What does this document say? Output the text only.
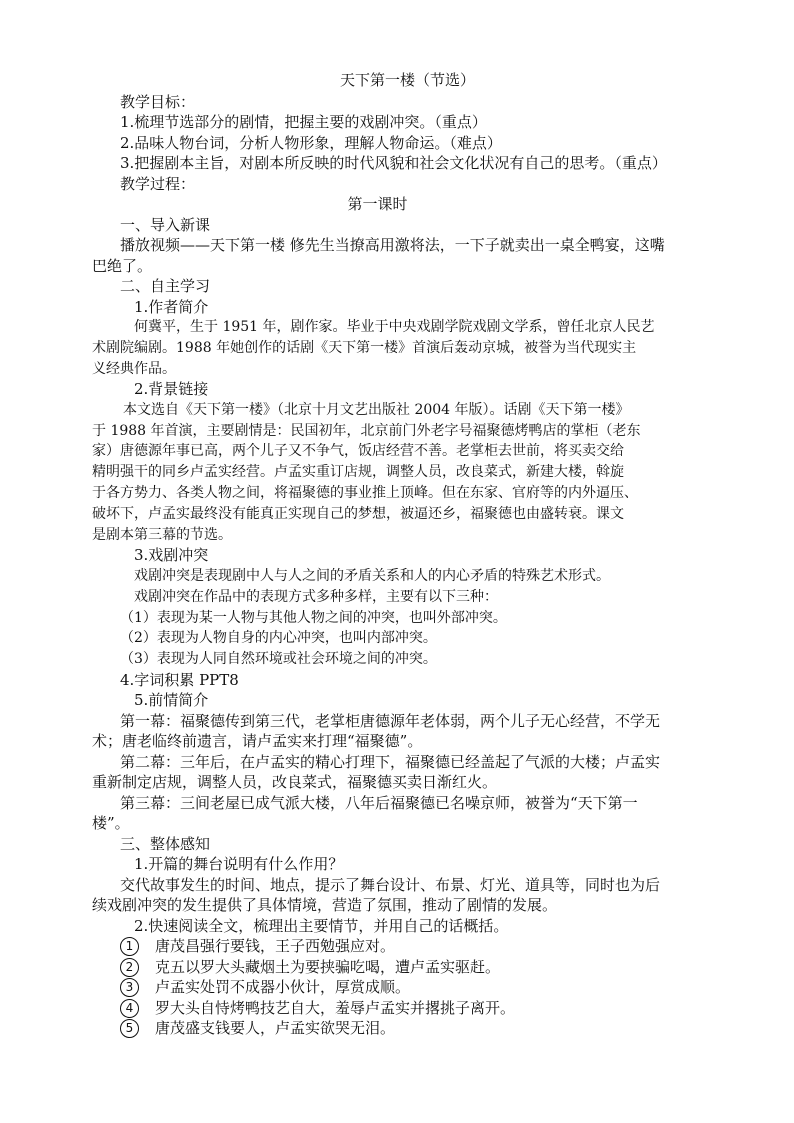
天下第一楼（节选）
教学目标：
1.梳理节选部分的剧情，把握主要的戏剧冲突。（重点）
2.品味人物台词，分析人物形象，理解人物命运。（难点）
3.把握剧本主旨，对剧本所反映的时代风貌和社会文化状况有自己的思考。（重点）
教学过程：
第一课时
一、导入新课
播放视频——天下第一楼 修先生当撩高用激将法，一下子就卖出一桌全鸭宴，这嘴
巴绝了。
二、自主学习
1.作者简介
何冀平，生于 1951 年，剧作家。毕业于中央戏剧学院戏剧文学系，曾任北京人民艺
术剧院编剧。1988 年她创作的话剧《天下第一楼》首演后轰动京城，被誉为当代现实主
义经典作品。
2.背景链接
本文选自《天下第一楼》（北京十月文艺出版社 2004 年版）。话剧《天下第一楼》
于 1988 年首演，主要剧情是：民国初年，北京前门外老字号福聚德烤鸭店的掌柜（老东
家）唐德源年事已高，两个儿子又不争气，饭店经营不善。老掌柜去世前，将买卖交给
精明强干的同乡卢孟实经营。卢孟实重订店规，调整人员，改良菜式，新建大楼，斡旋
于各方势力、各类人物之间，将福聚德的事业推上顶峰。但在东家、官府等的内外逼压、
破坏下，卢孟实最终没有能真正实现自己的梦想，被逼还乡，福聚德也由盛转衰。课文
是剧本第三幕的节选。
3.戏剧冲突
戏剧冲突是表现剧中人与人之间的矛盾关系和人的内心矛盾的特殊艺术形式。
戏剧冲突在作品中的表现方式多种多样，主要有以下三种：
（1）表现为某一人物与其他人物之间的冲突，也叫外部冲突。
（2）表现为人物自身的内心冲突，也叫内部冲突。
（3）表现为人同自然环境或社会环境之间的冲突。
4.字词积累 PPT8
5.前情简介
第一幕：福聚德传到第三代，老掌柜唐德源年老体弱，两个儿子无心经营，不学无
术；唐老临终前遗言，请卢孟实来打理“福聚德”。
第二幕：三年后，在卢孟实的精心打理下，福聚德已经盖起了气派的大楼；卢孟实
重新制定店规，调整人员，改良菜式，福聚德买卖日渐红火。
第三幕：三间老屋已成气派大楼，八年后福聚德已名噪京师，被誉为“天下第一
楼”。
三、整体感知
1.开篇的舞台说明有什么作用？
交代故事发生的时间、地点，提示了舞台设计、布景、灯光、道具等，同时也为后
续戏剧冲突的发生提供了具体情境，营造了氛围，推动了剧情的发展。
2.快速阅读全文，梳理出主要情节，并用自己的话概括。
1	唐茂昌强行要钱，王子西勉强应对。
2	克五以罗大头藏烟土为要挟骗吃喝，遭卢孟实驱赶。
3	卢孟实处罚不成器小伙计，厚赏成顺。
4	罗大头自恃烤鸭技艺自大，羞辱卢孟实并撂挑子离开。
5	唐茂盛支钱要人，卢孟实欲哭无泪。
